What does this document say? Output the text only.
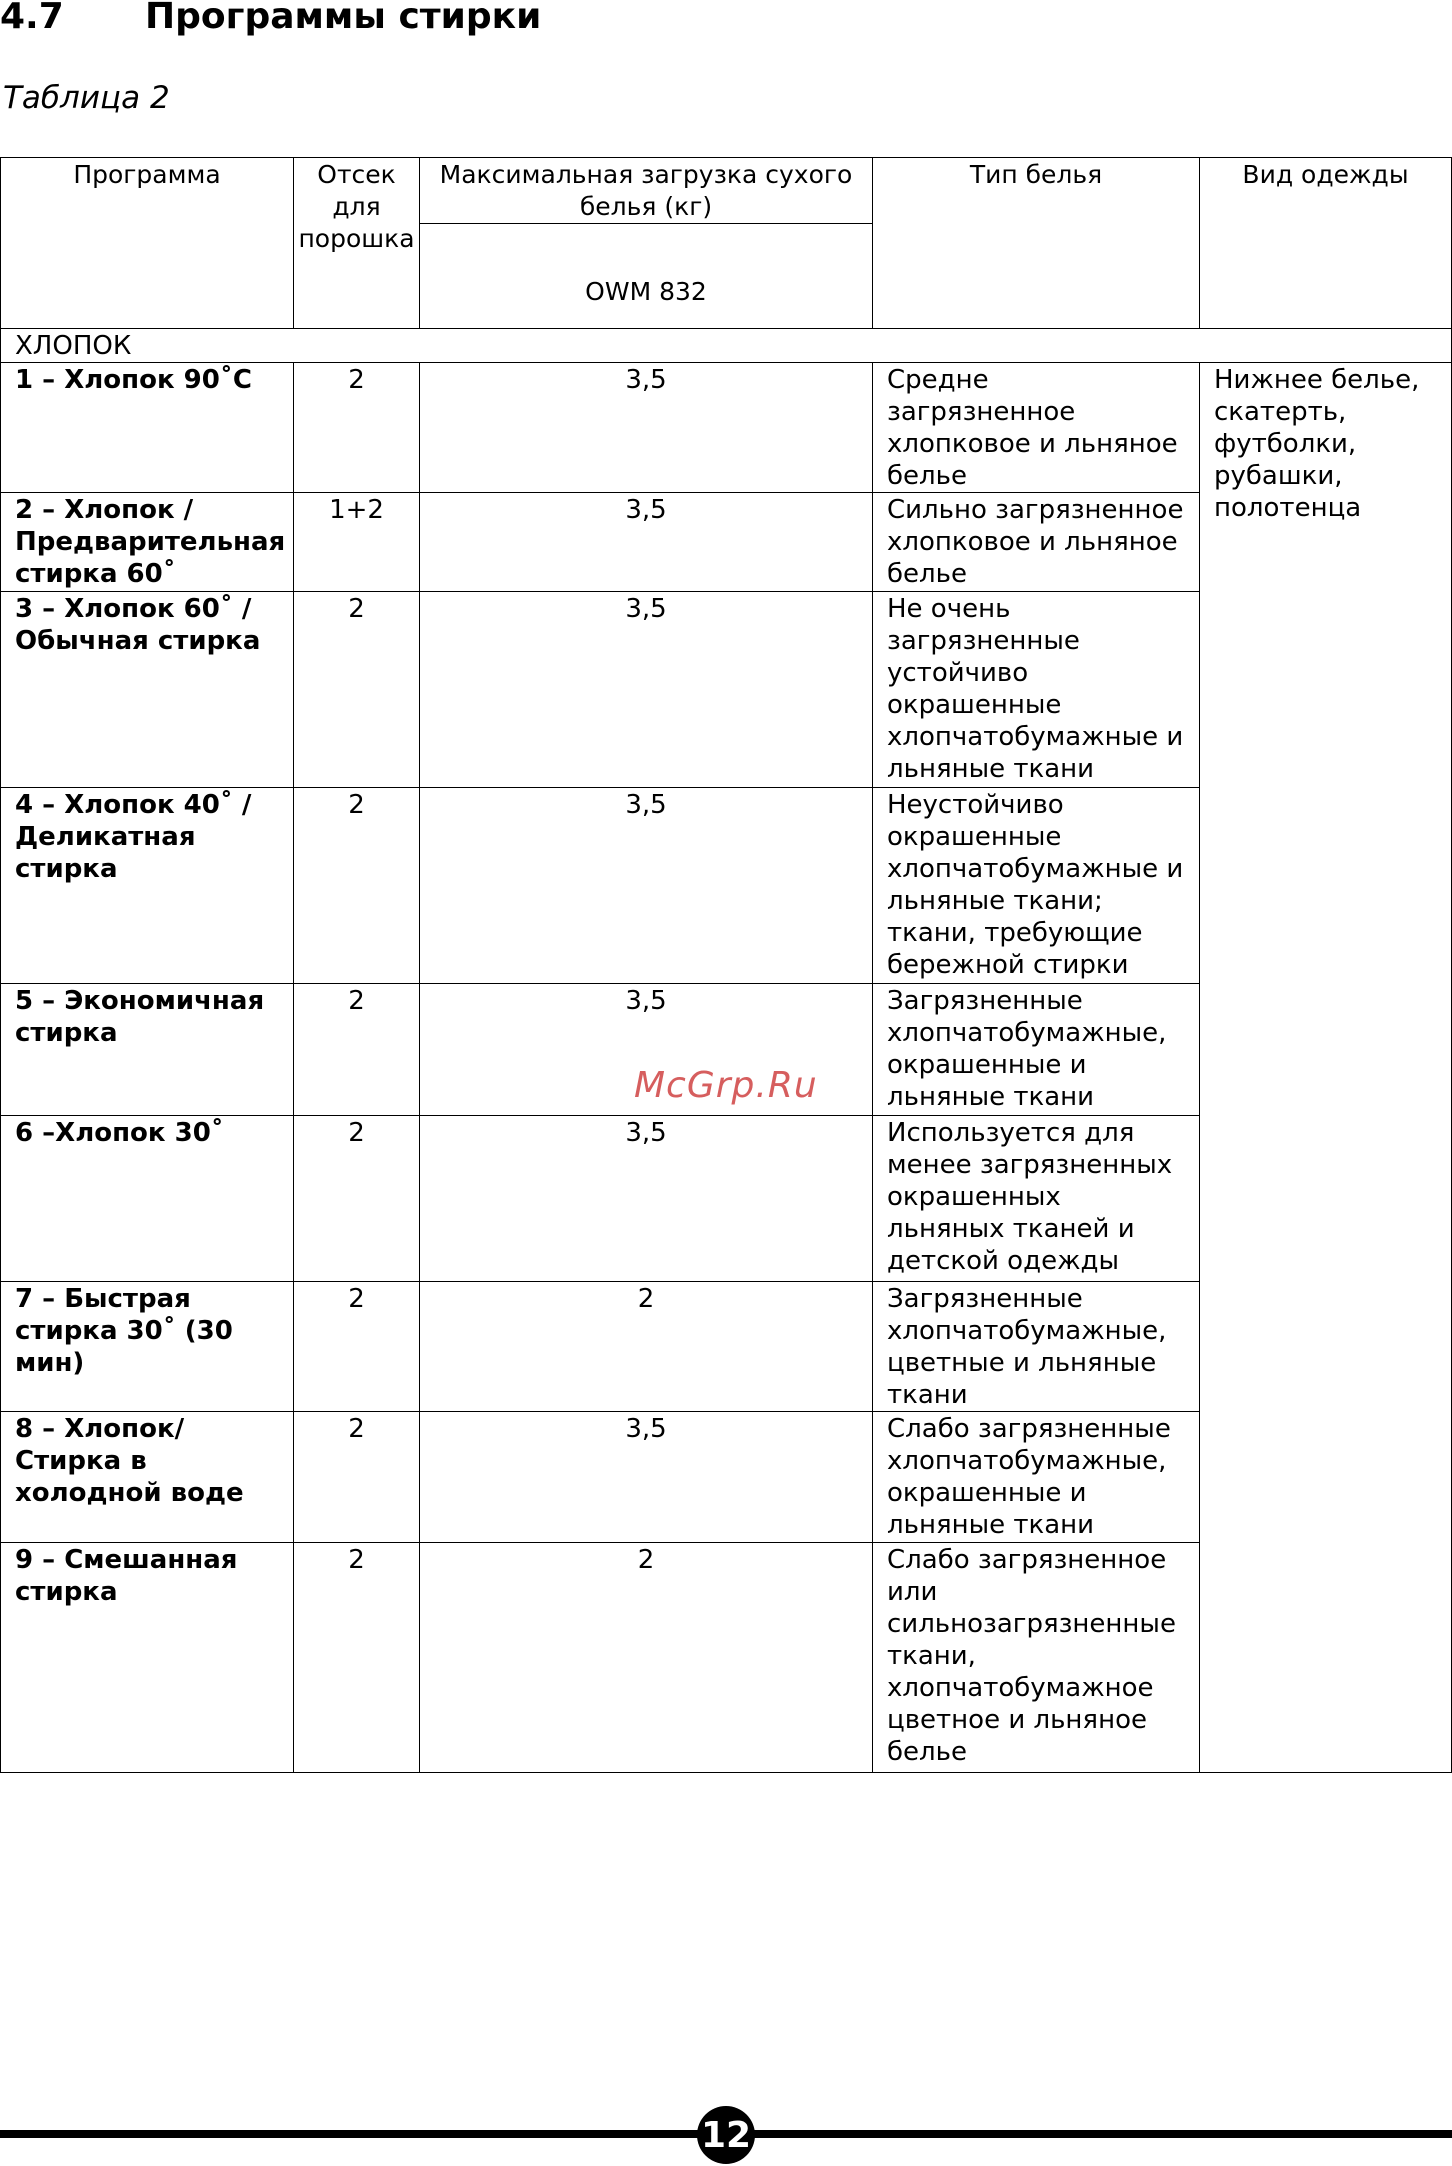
4.7	Программы стирки
Таблица 2
Программа	Отсек для порошка	Максимальная загрузка сухого белья (кг)	Тип белья	Вид одежды
		OWM 832		
ХЛОПОК				
1 – Хлопок 90˚C	2	3,5	Средне загрязненное хлопковое и льняное белье	Нижнее белье, скатерть, футболки, рубашки, полотенца
2 – Хлопок / Предварительная стирка 60˚	1+2	3,5	Сильно загрязненное хлопковое и льняное белье	
3 – Хлопок 60˚ / Обычная стирка	2	3,5	Не очень загрязненные устойчиво окрашенные хлопчатобумажные и льняные ткани	
4 – Хлопок 40˚ / Деликатная стирка	2	3,5	Неустойчиво окрашенные хлопчатобумажные и льняные ткани; ткани, требующие бережной стирки	
5 – Экономичная стирка	2	3,5	Загрязненные хлопчатобумажные, окрашенные и льняные ткани	
6 –Хлопок 30˚	2	3,5	Используется для менее загрязненных окрашенных льняных тканей и детской одежды	
7 – Быстрая стирка 30˚ (30 мин)	2	2	Загрязненные хлопчатобумажные, цветные и льняные ткани	
8 – Хлопок/Стирка в холодной воде	2	3,5	Слабо загрязненные хлопчатобумажные, окрашенные и льняные ткани	
9 – Смешанная стирка	2	2	Слабо загрязненное или сильнозагрязненные ткани, хлопчатобумажное цветное и льняное белье	
McGrp.Ru
12
